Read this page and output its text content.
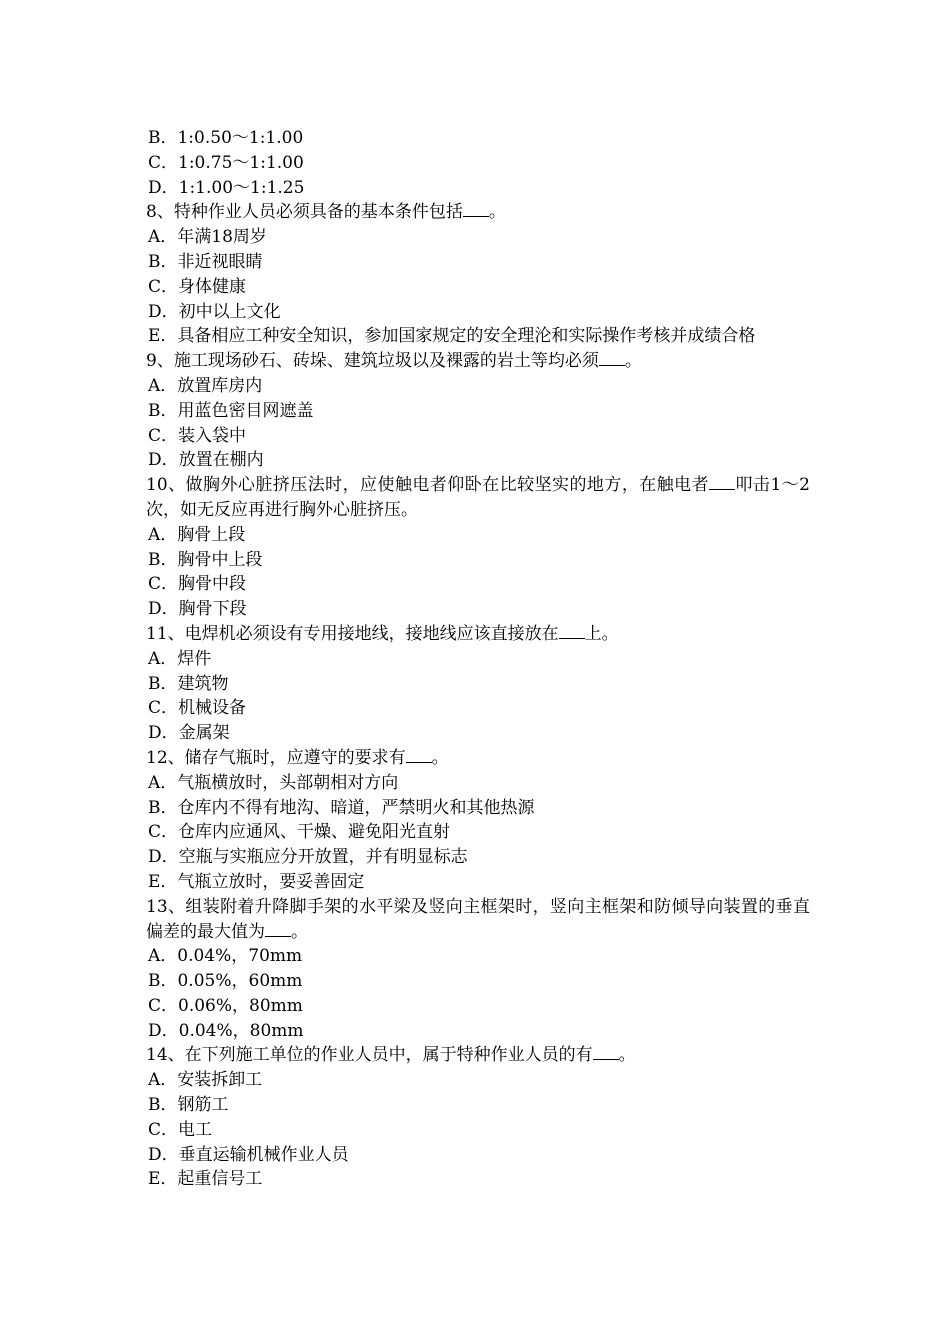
B．1:0.50～1:1.00
C．1:0.75～1:1.00
D．1:1.00～1:1.25
8、特种作业人员必须具备的基本条件包括 。
A．年满18周岁
B．非近视眼睛
C．身体健康
D．初中以上文化
E．具备相应工种安全知识，参加国家规定的安全理沦和实际操作考核并成绩合格
9、施工现场砂石、砖垛、建筑垃圾以及裸露的岩土等均必须 。
A．放置库房内
B．用蓝色密目网遮盖
C．装入袋中
D．放置在棚内
10、做胸外心脏挤压法时，应使触电者仰卧在比较坚实的地方，在触电者 叩击1～2次，如无反应再进行胸外心脏挤压。
A．胸骨上段
B．胸骨中上段
C．胸骨中段
D．胸骨下段
11、电焊机必须设有专用接地线，接地线应该直接放在 上。
A．焊件
B．建筑物
C．机械设备
D．金属架
12、储存气瓶时，应遵守的要求有 。
A．气瓶横放时，头部朝相对方向
B．仓库内不得有地沟、暗道，严禁明火和其他热源
C．仓库内应通风、干燥、避免阳光直射
D．空瓶与实瓶应分开放置，并有明显标志
E．气瓶立放时，要妥善固定
13、组装附着升降脚手架的水平梁及竖向主框架时，竖向主框架和防倾导向装置的垂直偏差的最大值为 。
A．0.04%，70mm
B．0.05%，60mm
C．0.06%，80mm
D．0.04%，80mm
14、在下列施工单位的作业人员中，属于特种作业人员的有 。
A．安装拆卸工
B．钢筋工
C．电工
D．垂直运输机械作业人员
E．起重信号工
